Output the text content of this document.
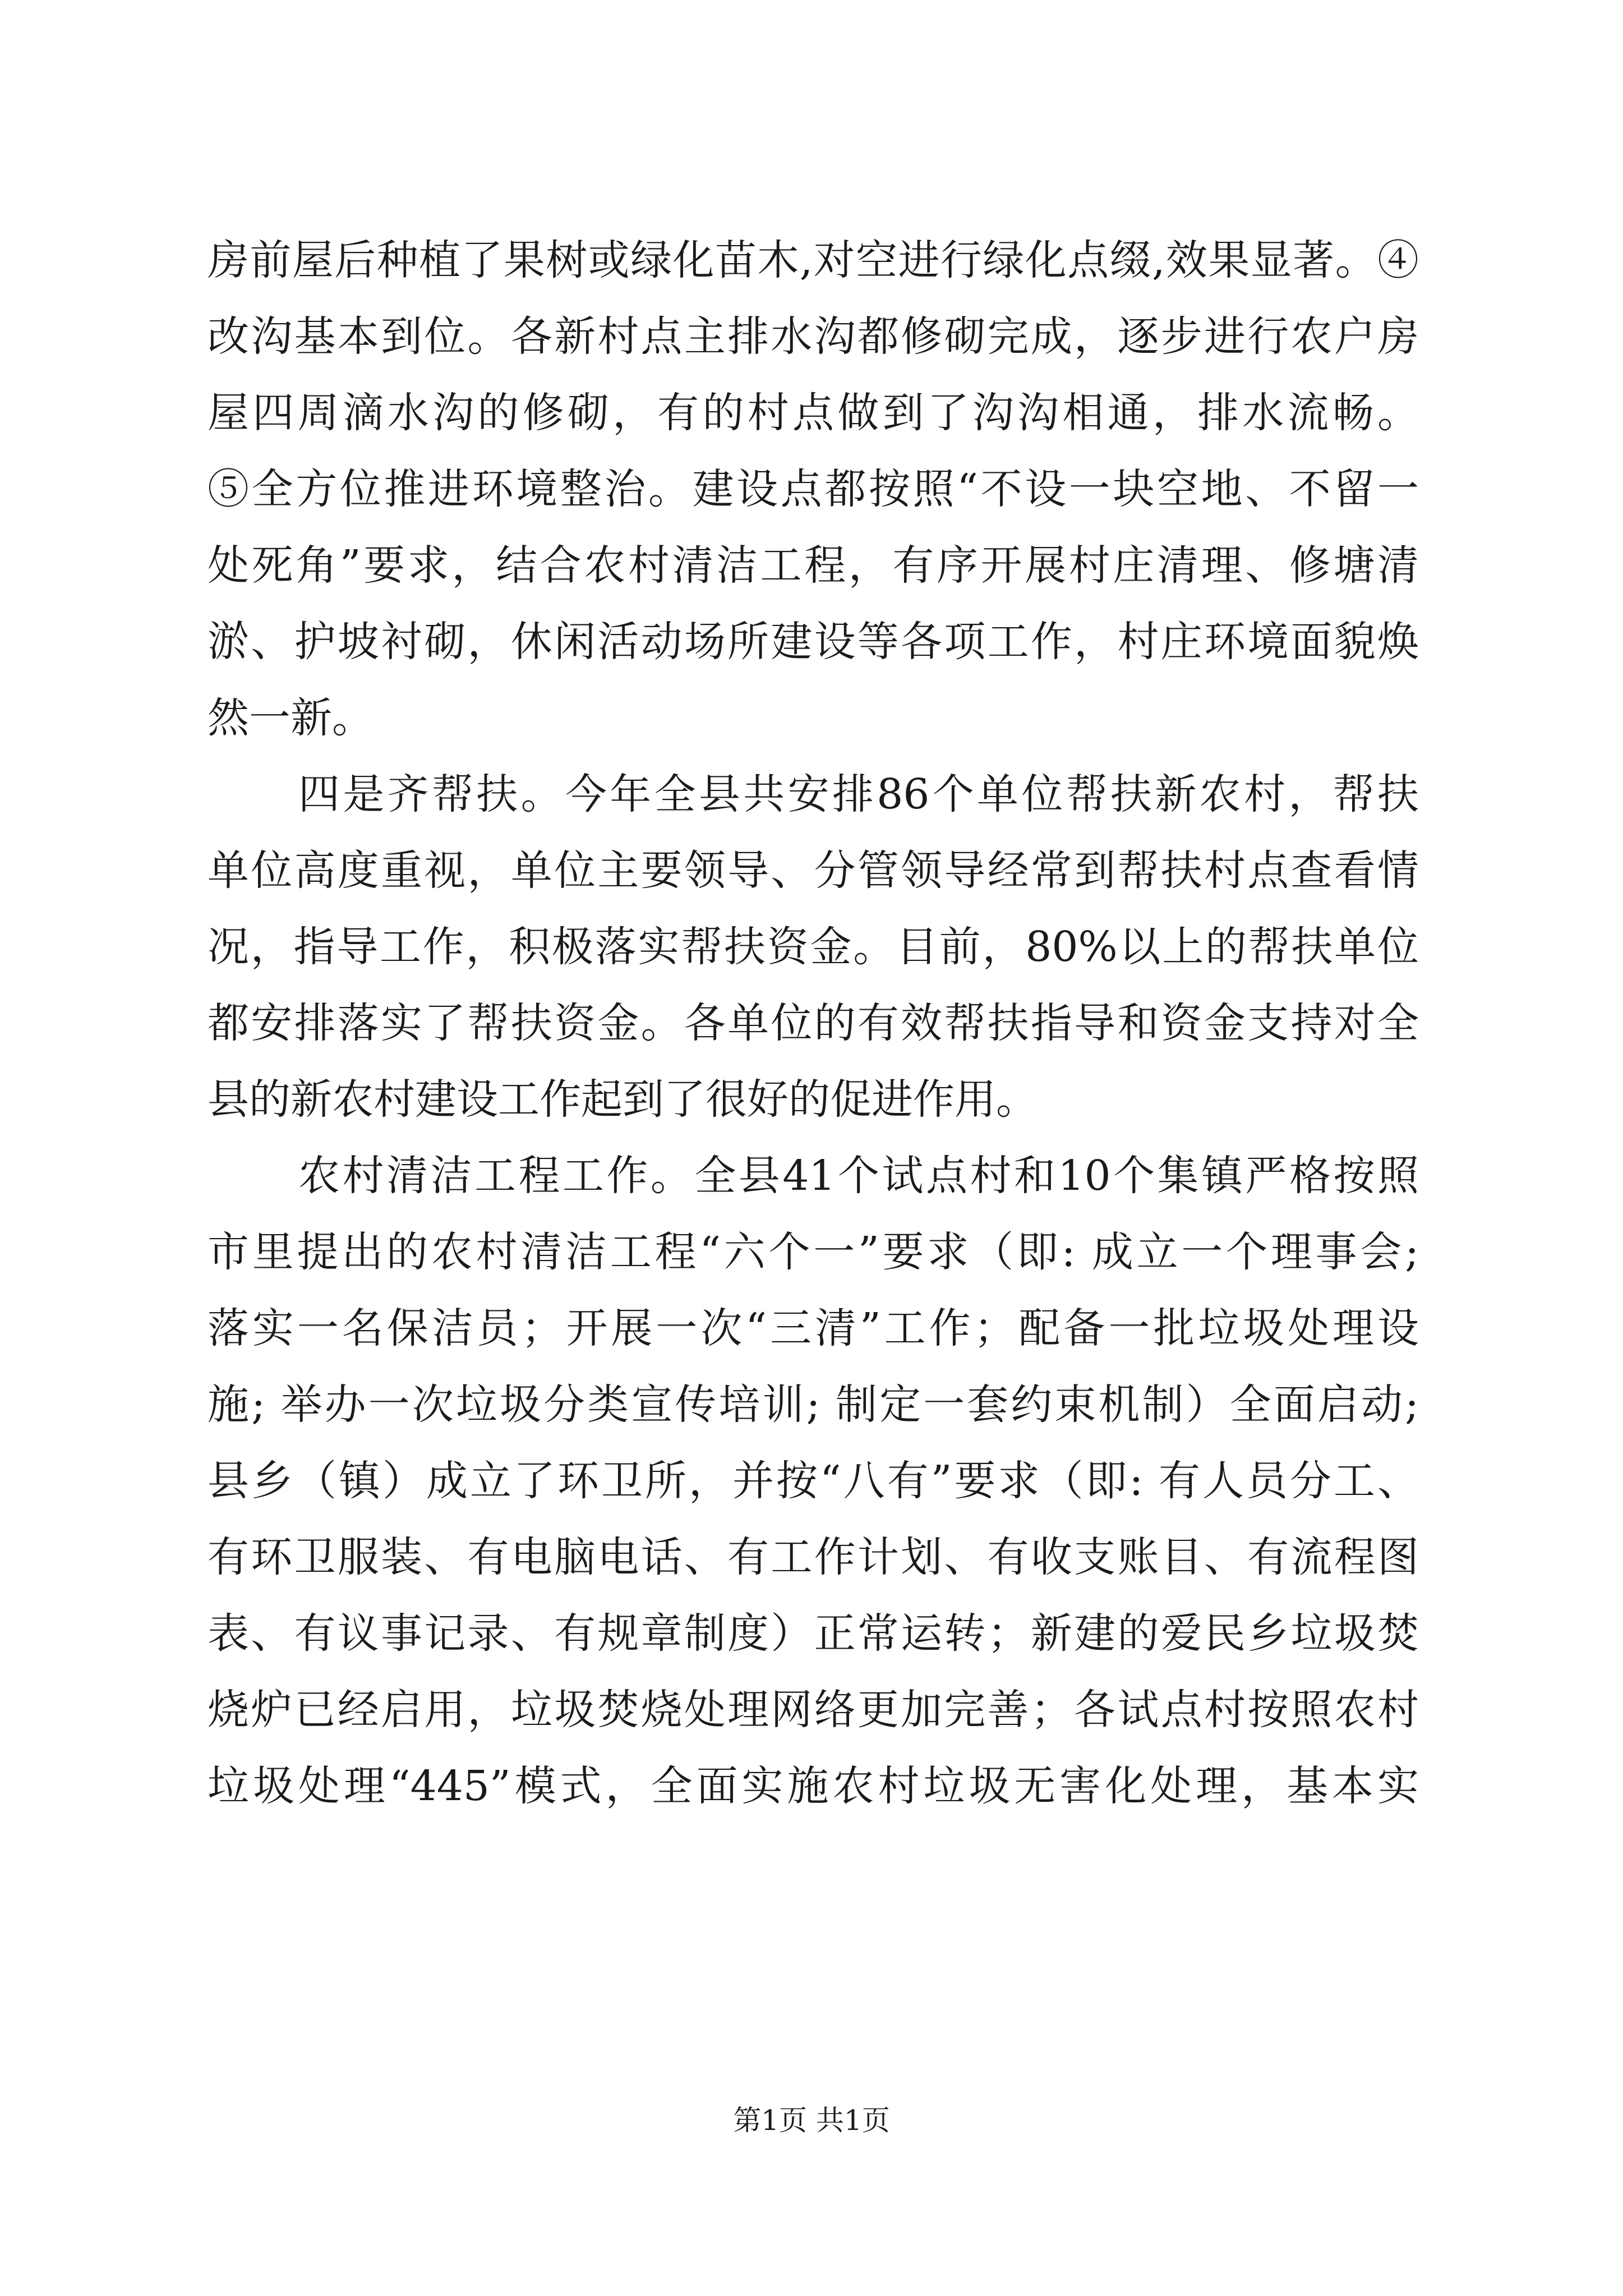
房前屋后种植了果树或绿化苗木,对空进行绿化点缀,效果显著。④
改沟基本到位。各新村点主排水沟都修砌完成，逐步进行农户房
屋四周滴水沟的修砌，有的村点做到了沟沟相通，排水流畅。
⑤全方位推进环境整治。建设点都按照“不设一块空地、不留一
处死角”要求，结合农村清洁工程，有序开展村庄清理、修塘清
淤、护坡衬砌，休闲活动场所建设等各项工作，村庄环境面貌焕
然一新。
四是齐帮扶。今年全县共安排86个单位帮扶新农村，帮扶
单位高度重视，单位主要领导、分管领导经常到帮扶村点查看情
况，指导工作，积极落实帮扶资金。目前，80%以上的帮扶单位
都安排落实了帮扶资金。各单位的有效帮扶指导和资金支持对全
县的新农村建设工作起到了很好的促进作用。
农村清洁工程工作。全县41个试点村和10个集镇严格按照
市里提出的农村清洁工程“六个一”要求（即: 成立一个理事会;
落实一名保洁员；开展一次“三清”工作；配备一批垃圾处理设
施; 举办一次垃圾分类宣传培训; 制定一套约束机制）全面启动;
县乡（镇）成立了环卫所，并按“八有”要求（即: 有人员分工、
有环卫服装、有电脑电话、有工作计划、有收支账目、有流程图
表、有议事记录、有规章制度）正常运转；新建的爱民乡垃圾焚
烧炉已经启用，垃圾焚烧处理网络更加完善；各试点村按照农村
垃圾处理“445”模式，全面实施农村垃圾无害化处理，基本实
第1页 共1页
